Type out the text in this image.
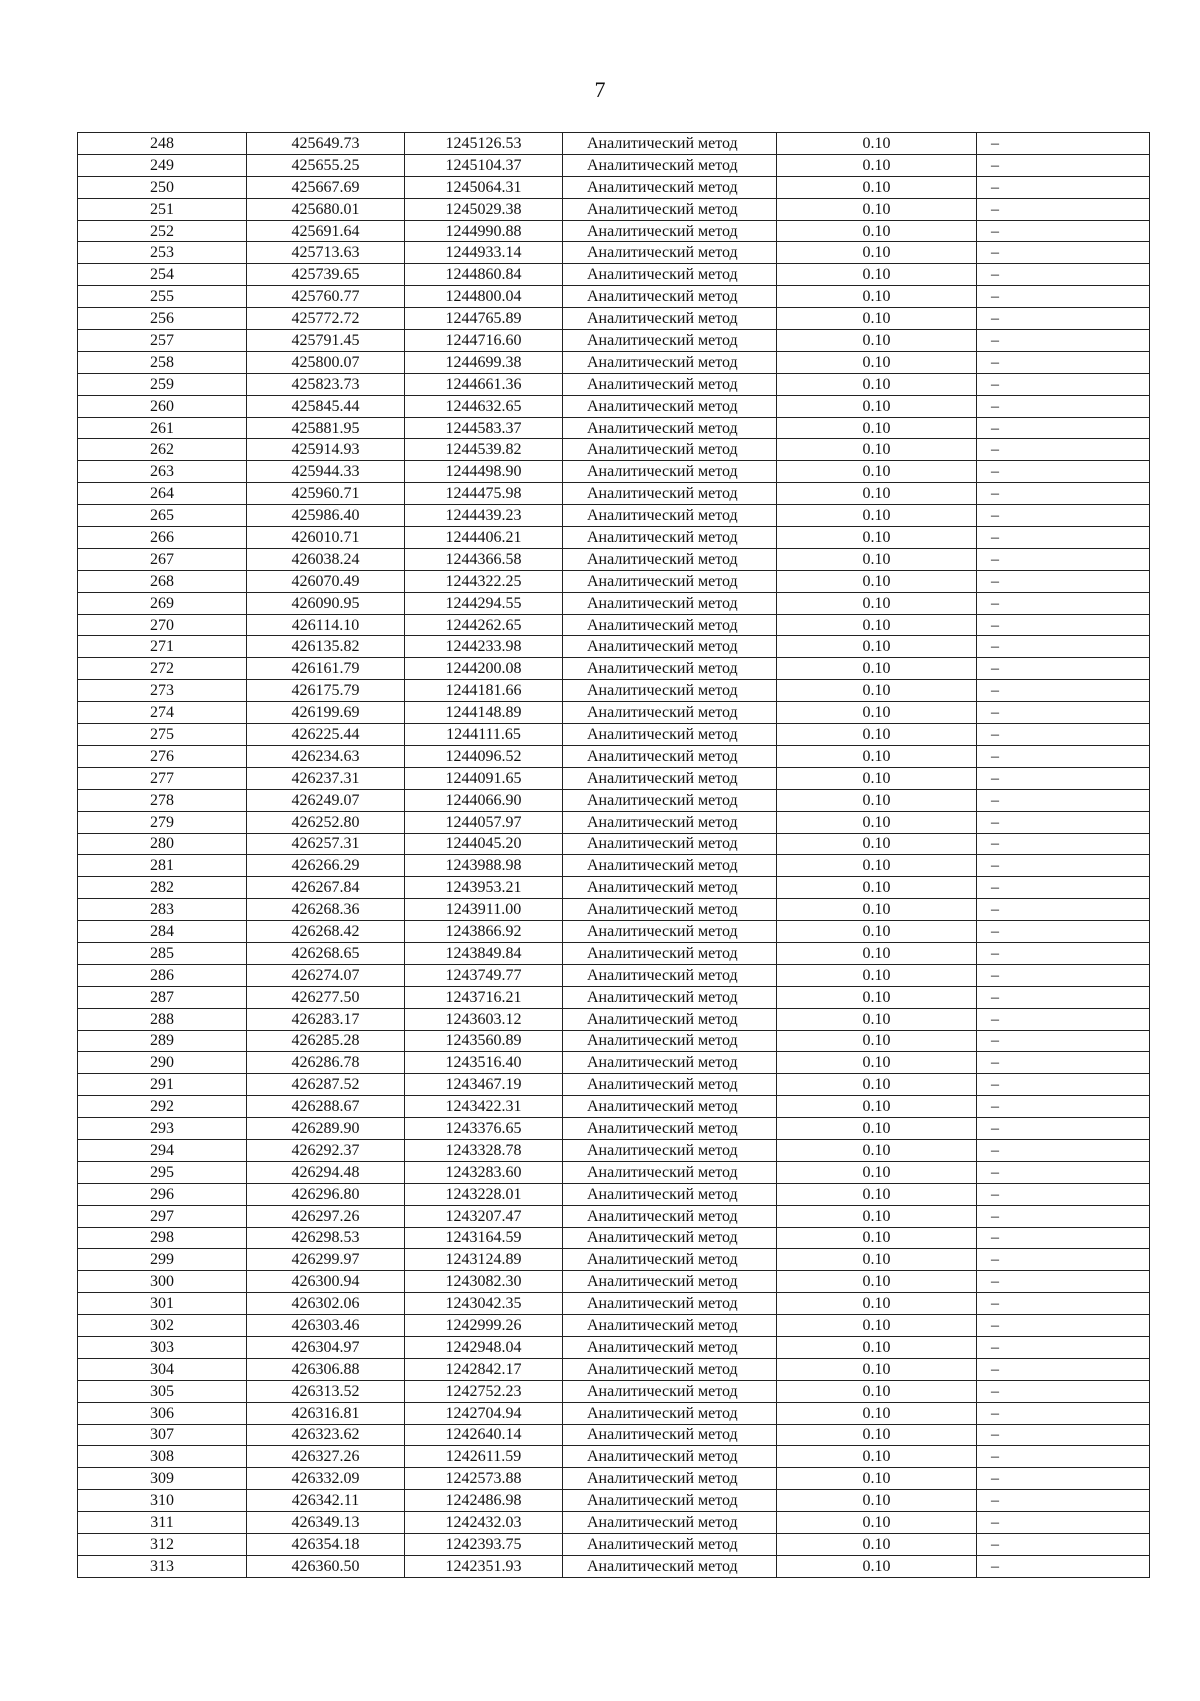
7
248	425649.73	1245126.53	Аналитический метод	0.10	–
249	425655.25	1245104.37	Аналитический метод	0.10	–
250	425667.69	1245064.31	Аналитический метод	0.10	–
251	425680.01	1245029.38	Аналитический метод	0.10	–
252	425691.64	1244990.88	Аналитический метод	0.10	–
253	425713.63	1244933.14	Аналитический метод	0.10	–
254	425739.65	1244860.84	Аналитический метод	0.10	–
255	425760.77	1244800.04	Аналитический метод	0.10	–
256	425772.72	1244765.89	Аналитический метод	0.10	–
257	425791.45	1244716.60	Аналитический метод	0.10	–
258	425800.07	1244699.38	Аналитический метод	0.10	–
259	425823.73	1244661.36	Аналитический метод	0.10	–
260	425845.44	1244632.65	Аналитический метод	0.10	–
261	425881.95	1244583.37	Аналитический метод	0.10	–
262	425914.93	1244539.82	Аналитический метод	0.10	–
263	425944.33	1244498.90	Аналитический метод	0.10	–
264	425960.71	1244475.98	Аналитический метод	0.10	–
265	425986.40	1244439.23	Аналитический метод	0.10	–
266	426010.71	1244406.21	Аналитический метод	0.10	–
267	426038.24	1244366.58	Аналитический метод	0.10	–
268	426070.49	1244322.25	Аналитический метод	0.10	–
269	426090.95	1244294.55	Аналитический метод	0.10	–
270	426114.10	1244262.65	Аналитический метод	0.10	–
271	426135.82	1244233.98	Аналитический метод	0.10	–
272	426161.79	1244200.08	Аналитический метод	0.10	–
273	426175.79	1244181.66	Аналитический метод	0.10	–
274	426199.69	1244148.89	Аналитический метод	0.10	–
275	426225.44	1244111.65	Аналитический метод	0.10	–
276	426234.63	1244096.52	Аналитический метод	0.10	–
277	426237.31	1244091.65	Аналитический метод	0.10	–
278	426249.07	1244066.90	Аналитический метод	0.10	–
279	426252.80	1244057.97	Аналитический метод	0.10	–
280	426257.31	1244045.20	Аналитический метод	0.10	–
281	426266.29	1243988.98	Аналитический метод	0.10	–
282	426267.84	1243953.21	Аналитический метод	0.10	–
283	426268.36	1243911.00	Аналитический метод	0.10	–
284	426268.42	1243866.92	Аналитический метод	0.10	–
285	426268.65	1243849.84	Аналитический метод	0.10	–
286	426274.07	1243749.77	Аналитический метод	0.10	–
287	426277.50	1243716.21	Аналитический метод	0.10	–
288	426283.17	1243603.12	Аналитический метод	0.10	–
289	426285.28	1243560.89	Аналитический метод	0.10	–
290	426286.78	1243516.40	Аналитический метод	0.10	–
291	426287.52	1243467.19	Аналитический метод	0.10	–
292	426288.67	1243422.31	Аналитический метод	0.10	–
293	426289.90	1243376.65	Аналитический метод	0.10	–
294	426292.37	1243328.78	Аналитический метод	0.10	–
295	426294.48	1243283.60	Аналитический метод	0.10	–
296	426296.80	1243228.01	Аналитический метод	0.10	–
297	426297.26	1243207.47	Аналитический метод	0.10	–
298	426298.53	1243164.59	Аналитический метод	0.10	–
299	426299.97	1243124.89	Аналитический метод	0.10	–
300	426300.94	1243082.30	Аналитический метод	0.10	–
301	426302.06	1243042.35	Аналитический метод	0.10	–
302	426303.46	1242999.26	Аналитический метод	0.10	–
303	426304.97	1242948.04	Аналитический метод	0.10	–
304	426306.88	1242842.17	Аналитический метод	0.10	–
305	426313.52	1242752.23	Аналитический метод	0.10	–
306	426316.81	1242704.94	Аналитический метод	0.10	–
307	426323.62	1242640.14	Аналитический метод	0.10	–
308	426327.26	1242611.59	Аналитический метод	0.10	–
309	426332.09	1242573.88	Аналитический метод	0.10	–
310	426342.11	1242486.98	Аналитический метод	0.10	–
311	426349.13	1242432.03	Аналитический метод	0.10	–
312	426354.18	1242393.75	Аналитический метод	0.10	–
313	426360.50	1242351.93	Аналитический метод	0.10	–
